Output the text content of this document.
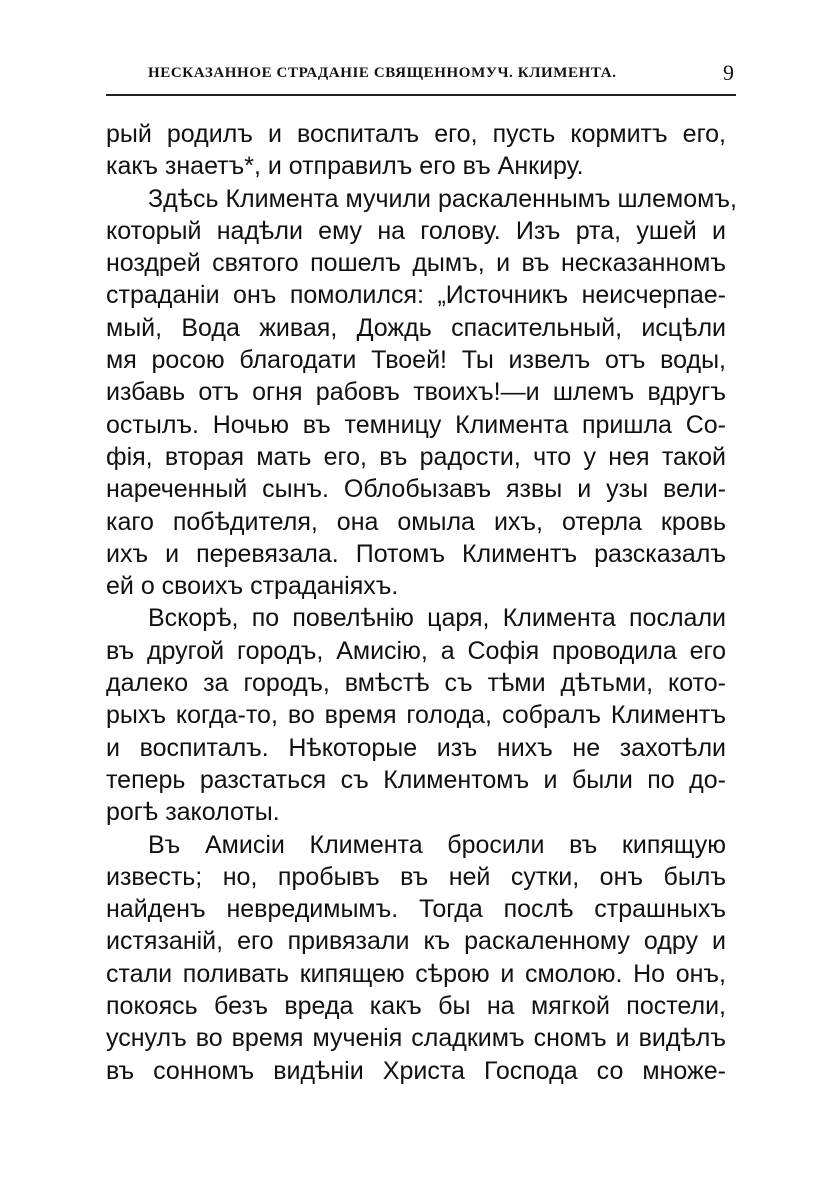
НЕСКАЗАННОЕ СТРАДАНІЕ СВЯЩЕННОМУЧ. КЛИМЕНТА.	9
рый родилъ и воспиталъ его, пусть кормитъ его,
какъ знаетъ*, и отправилъ его въ Анкиру.
Здѣсь Климента мучили раскаленнымъ шлемомъ,
который надѣли ему на голову. Изъ рта, ушей и
ноздрей святого пошелъ дымъ, и въ несказанномъ
страданіи онъ помолился: „Источникъ неисчерпае-
мый, Вода живая, Дождь спасительный, исцѣли
мя росою благодати Твоей! Ты извелъ отъ воды,
избавь отъ огня рабовъ твоихъ!—и шлемъ вдругъ
остылъ. Ночью въ темницу Климента пришла Со-
фія, вторая мать его, въ радости, что у нея такой
нареченный сынъ. Облобызавъ язвы и узы вели-
каго побѣдителя, она омыла ихъ, отерла кровь
ихъ и перевязала. Потомъ Климентъ разсказалъ
ей о своихъ страданіяхъ.
Вскорѣ, по повелѣнію царя, Климента послали
въ другой городъ, Амисію, а Софія проводила его
далеко за городъ, вмѣстѣ съ тѣми дѣтьми, кото-
рыхъ когда-то, во время голода, собралъ Климентъ
и воспиталъ. Нѣкоторые изъ нихъ не захотѣли
теперь разстаться съ Климентомъ и были по до-
рогѣ заколоты.
Въ Амисіи Климента бросили въ кипящую
известь; но, пробывъ въ ней сутки, онъ былъ
найденъ невредимымъ. Тогда послѣ страшныхъ
истязаній, его привязали къ раскаленному одру и
стали поливать кипящею сѣрою и смолою. Но онъ,
покоясь безъ вреда какъ бы на мягкой постели,
уснулъ во время мученія сладкимъ сномъ и видѣлъ
въ сонномъ видѣніи Христа Господа со множе-
